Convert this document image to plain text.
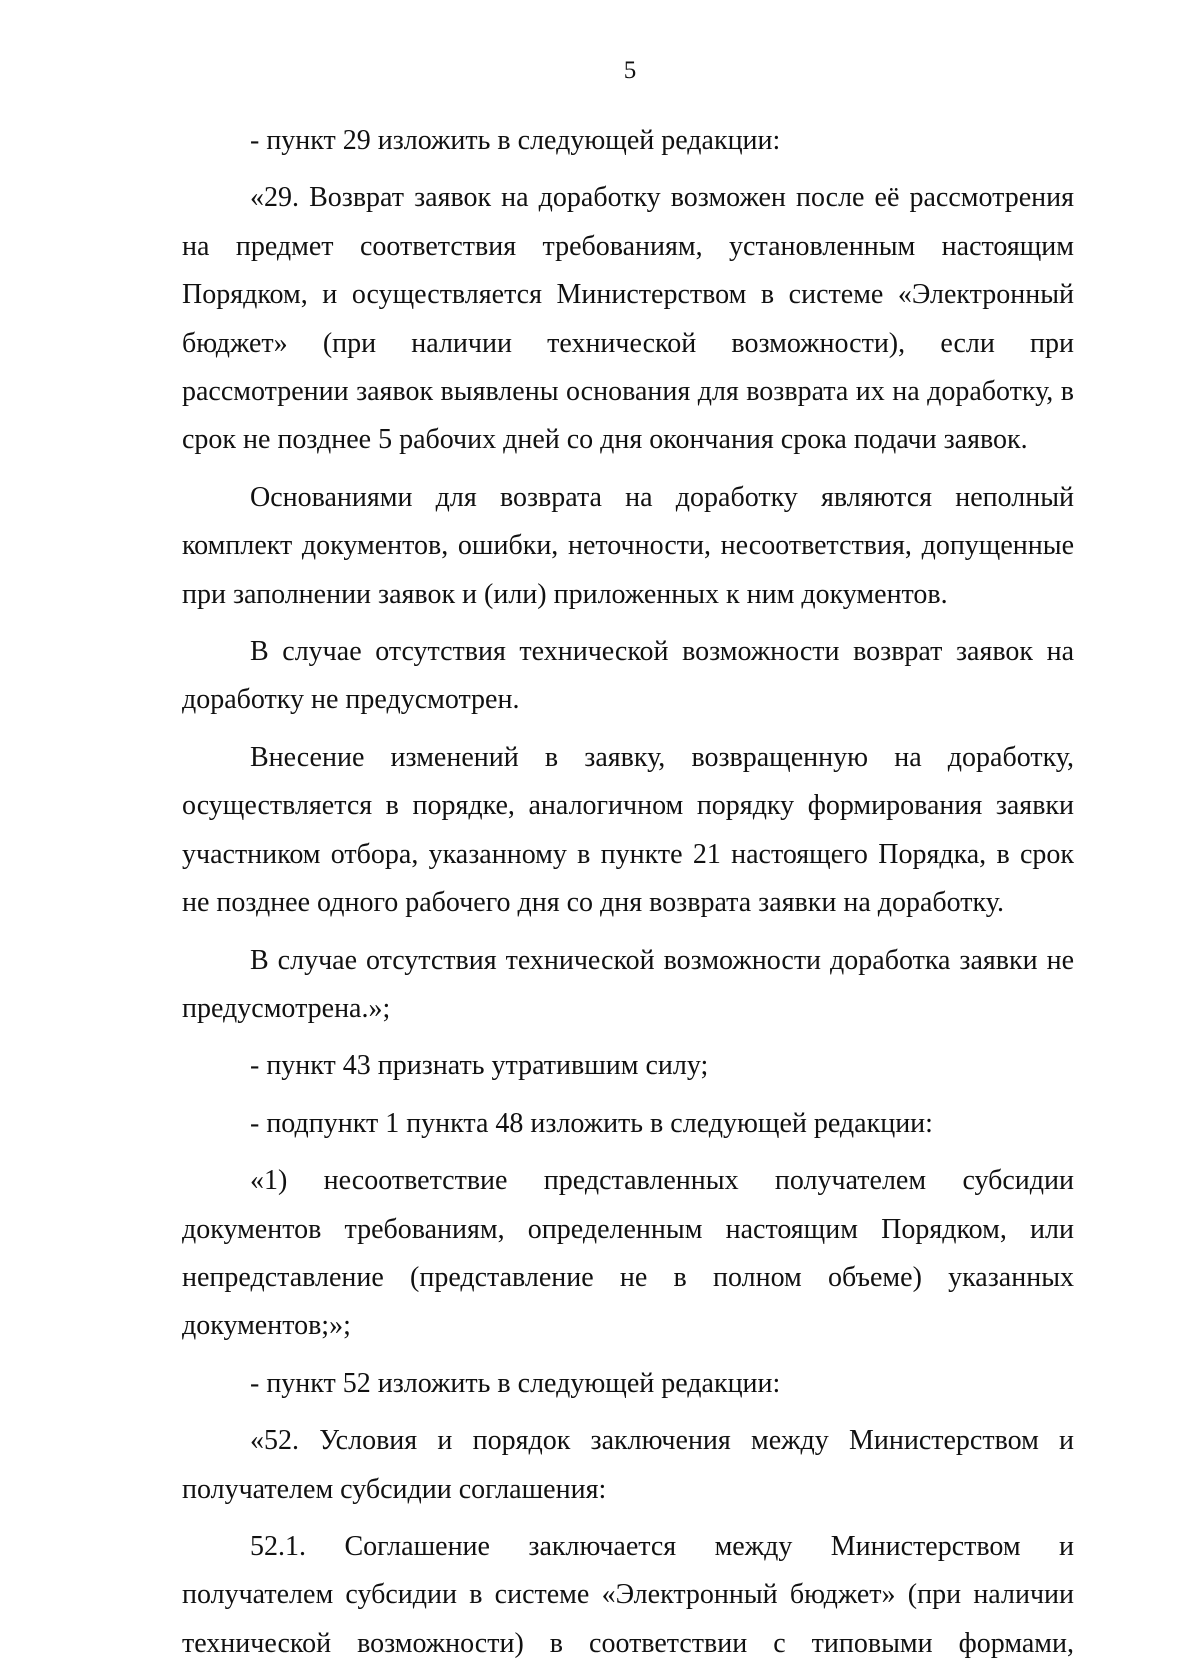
5

- пункт 29 изложить в следующей редакции:

«29. Возврат заявок на доработку возможен после её рассмотрения на предмет соответствия требованиям, установленным настоящим Порядком, и осуществляется Министерством в системе «Электронный бюджет» (при наличии технической возможности), если при рассмотрении заявок выявлены основания для возврата их на доработку, в срок не позднее 5 рабочих дней со дня окончания срока подачи заявок.

Основаниями для возврата на доработку являются неполный комплект документов, ошибки, неточности, несоответствия, допущенные при заполнении заявок и (или) приложенных к ним документов.

В случае отсутствия технической возможности возврат заявок на доработку не предусмотрен.

Внесение изменений в заявку, возвращенную на доработку, осуществляется в порядке, аналогичном порядку формирования заявки участником отбора, указанному в пункте 21 настоящего Порядка, в срок не позднее одного рабочего дня со дня возврата заявки на доработку.

В случае отсутствия технической возможности доработка заявки не предусмотрена.»;

- пункт 43 признать утратившим силу;

- подпункт 1 пункта 48 изложить в следующей редакции:

«1) несоответствие представленных получателем субсидии документов требованиям, определенным настоящим Порядком, или непредставление (представление не в полном объеме) указанных документов;»;

- пункт 52 изложить в следующей редакции:

«52. Условия и порядок заключения между Министерством и получателем субсидии соглашения:

52.1. Соглашение заключается между Министерством и получателем субсидии в системе «Электронный бюджет» (при наличии технической возможности) в соответствии с типовыми формами,
